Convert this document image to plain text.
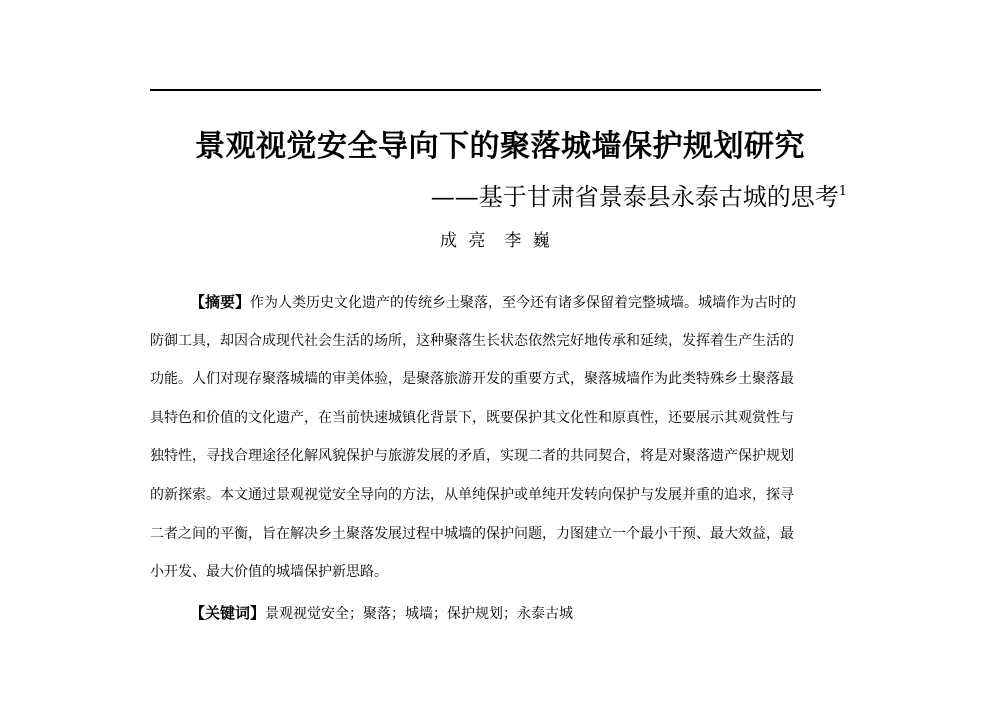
景观视觉安全导向下的聚落城墙保护规划研究
——基于甘肃省景泰县永泰古城的思考$^1$
成 亮 李 巍
【摘要】作为人类历史文化遗产的传统乡土聚落，至今还有诸多保留着完整城墙。城墙作为古时的
防御工具，却因合成现代社会生活的场所，这种聚落生长状态依然完好地传承和延续，发挥着生产生活的
功能。人们对现存聚落城墙的审美体验，是聚落旅游开发的重要方式，聚落城墙作为此类特殊乡土聚落最
具特色和价值的文化遗产，在当前快速城镇化背景下，既要保护其文化性和原真性，还要展示其观赏性与
独特性，寻找合理途径化解风貌保护与旅游发展的矛盾，实现二者的共同契合，将是对聚落遗产保护规划
的新探索。本文通过景观视觉安全导向的方法，从单纯保护或单纯开发转向保护与发展并重的追求，探寻
二者之间的平衡，旨在解决乡土聚落发展过程中城墙的保护问题，力图建立一个最小干预、最大效益，最
小开发、最大价值的城墙保护新思路。
【关键词】景观视觉安全；聚落；城墙；保护规划；永泰古城
